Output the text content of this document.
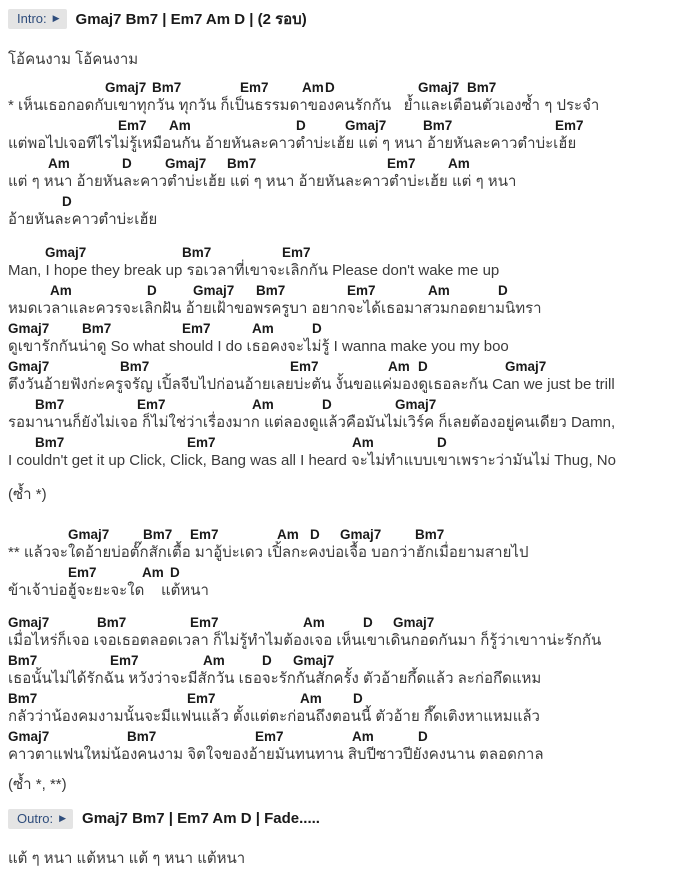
Intro: ▶ Gmaj7 Bm7 | Em7 Am D | (2 รอบ)
โอ้คนงาม โอ้คนงาม
Gmaj7 Bm7	Em7 Am D	Gmaj7 Bm7
* เห็นเธอกอดกับเขาทุกวัน ทุกวัน ก็เป็นธรรมดาของคนรักกัน   ย้ำและเตือนตัวเองซ้ำ ๆ ประจำ
Em7 Am	D	Gmaj7	Bm7	Em7
แต่พอไปเจอทีไรไม่รู้เหมือนกัน อ้ายหันละคาวตำบ่ะเฮ้ย แต่ ๆ หนา อ้ายหันละคาวตำบ่ะเฮ้ย
Am	D Gmaj7 Bm7	Em7 Am
แต่ ๆ หนา อ้ายหันละคาวตำบ่ะเฮ้ย แต่ ๆ หนา อ้ายหันละคาวตำบ่ะเฮ้ย แต่ ๆ หนา
D
อ้ายหันละคาวตำบ่ะเฮ้ย
Gmaj7	Bm7	Em7
Man, I hope they break up รอเวลาที่เขาจะเลิกกัน Please don't wake me up
Am	D	Gmaj7 Bm7	Em7	Am	D
หมดเวลาและควรจะเลิกฝัน อ้ายเฝ้าขอพรครูบา อยากจะได้เธอมาสวมกอดยามนิทรา
Gmaj7 Bm7	Em7	Am	D
ดูเขารักกันน่าดู So what should I do เธอคงจะไม่รู้ I wanna make you my boo
Gmaj7	Bm7	Em7	Am D	Gmaj7
ตึงวันอ้ายฟังก่ะครูจรัญ เปิ้ลจีบไปก่อนอ้ายเลยบ่ะตัน งั้นขอแค่มองดูเธอละกัน Can we just be trill
Bm7	Em7	Am	D	Gmaj7
รอมานานก็ยังไม่เจอ ก็ไม่ใช่ว่าเรื่องมาก แต่ลองดูแล้วคือมันไม่เวิร์ค ก็เลยต้องอยู่คนเดียว Damn,
Bm7	Em7	Am	D
I couldn't get it up Click, Click, Bang was all I heard จะไม่ทำแบบเขาเพราะว่ามันไม่ Thug, No
(ซ้ำ *)
Gmaj7 Bm7 Em7	Am D Gmaj7 Bm7
** แล้วจะใดอ้ายบ่อตั๊กสักเตื้อ มาอู้บ่ะเดว เปิ้ลกะคงบ่อเจื้อ บอกว่าฮักเมื่อยามสายไป
Em7	Am D
ข้าเจ้าบ่อฮู้จะยะจะใด    แต้หนา
Gmaj7	Bm7	Em7	Am	D Gmaj7
เมื่อไหร่ก็เจอ เจอเธอตลอดเวลา ก็ไม่รู้ทำไมต้องเจอ เห็นเขาเดินกอดกันมา ก็รู้ว่าเขาาน่ะรักกัน
Bm7	Em7	Am	D Gmaj7
เธอนั้นไม่ได้รักฉัน หวังว่าจะมีสักวัน เธอจะรักกันสักครั้ง ตัวอ้ายกึ้ดแล้ว ละก่อกึดแหม
Bm7	Em7	Am D
กลัวว่าน้องคมงามนั้นจะมีแฟนแล้ว ตั้งแต่ตะก่อนถึงตอนนี้ ตัวอ้าย กึ๊ดเติงหาแหมแล้ว
Gmaj7	Bm7	Em7	Am	D
คาวตาแฟนใหม่น้องคนงาม จิตใจของอ้ายมันทนทาน สิบปีซาวปียังคงนาน ตลอดกาล
(ซ้ำ *, **)
Outro: ▶ Gmaj7 Bm7 | Em7 Am D | Fade.....
แต้ ๆ หนา แต้หนา แต้ ๆ หนา แต้หนา
